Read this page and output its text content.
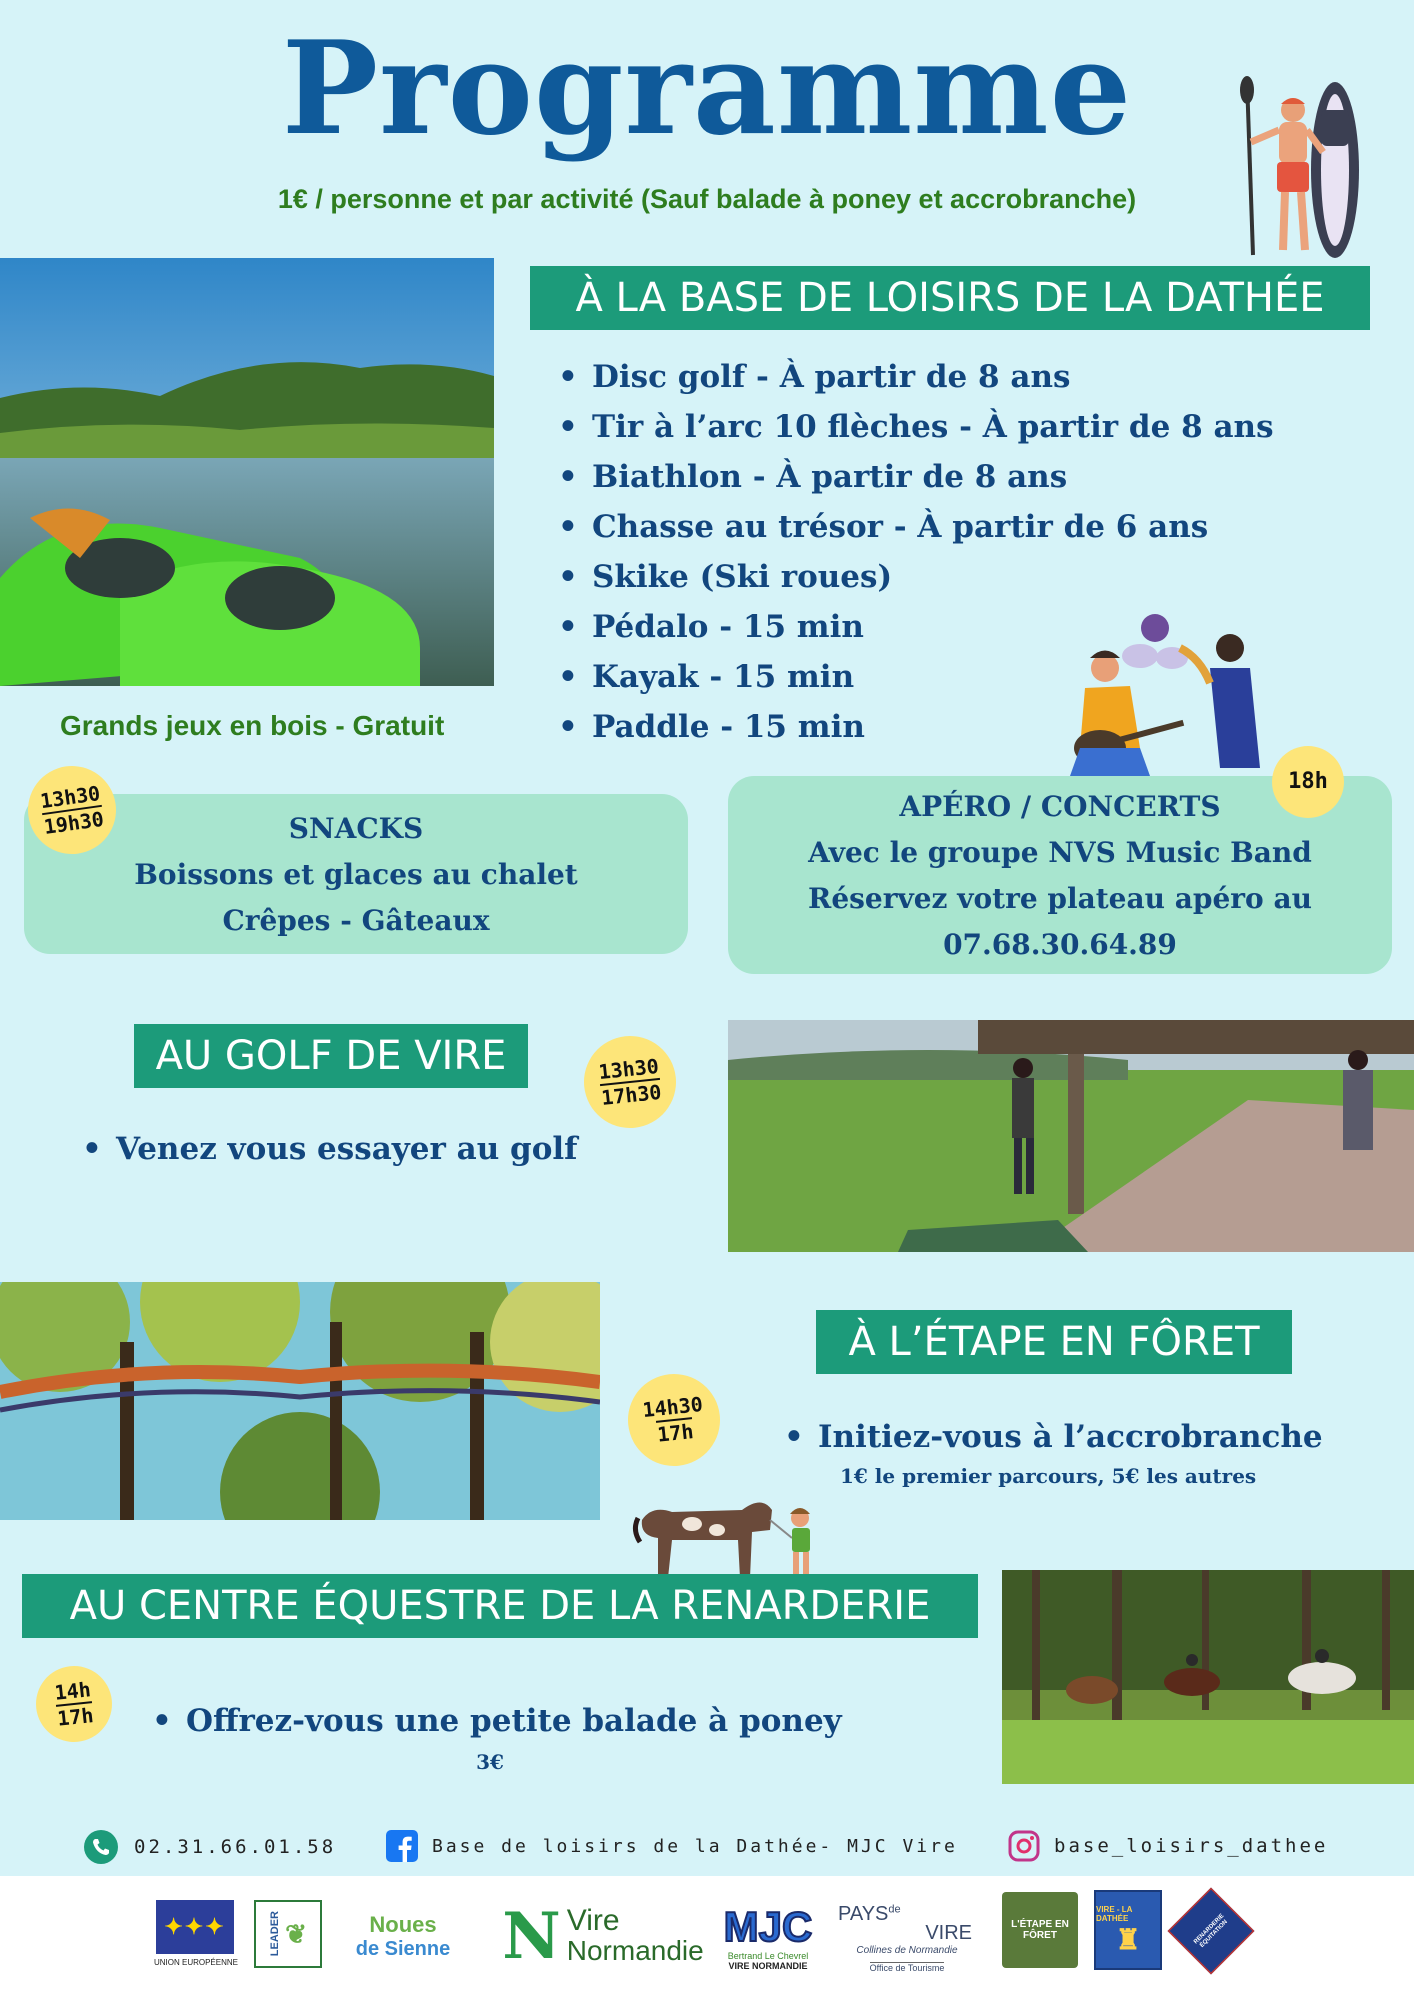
Programme
1€ / personne et par activité (Sauf balade à poney et accrobranche)
Grands jeux en bois - Gratuit
À LA BASE DE LOISIRS DE LA DATHÉE
• Disc golf - À partir de 8 ans
• Tir à l’arc 10 flèches - À partir de 8 ans
• Biathlon - À partir de 8 ans
• Chasse au trésor - À partir de 6 ans
• Skike (Ski roues)
• Pédalo - 15 min
• Kayak - 15 min
• Paddle - 15 min
SNACKS
Boissons et glaces au chalet
Crêpes - Gâteaux
13h30
19h30	APÉRO / CONCERTS
Avec le groupe NVS Music Band
Réservez votre plateau apéro au
07.68.30.64.89
18h
AU GOLF DE VIRE	13h30
17h30
• Venez vous essayer au golf
À L’ÉTAPE EN FÔRET
14h30
17h	• Initiez-vous à l’accrobranche
1€ le premier parcours, 5€ les autres
AU CENTRE ÉQUESTRE DE LA RENARDERIE
14h
17h	• Offrez-vous une petite balade à poney
3€
02.31.66.01.58	Base de loisirs de la Dathée- MJC Vire	base_loisirs_dathee
✦✦✦
UNION EUROPÉENNE
LEADER ❦	Noues
de Sienne N Vire
Normandie
MJC
Bertrand Le Chevrel
VIRE NORMANDIE
$PAYS^{de}$
VIRE
Collines de Normandie
Office de Tourisme
L'ÉTAPE EN FÔRET
VIRE - LA DATHÉE
♜	RENARDERIE ÉQUITATION
